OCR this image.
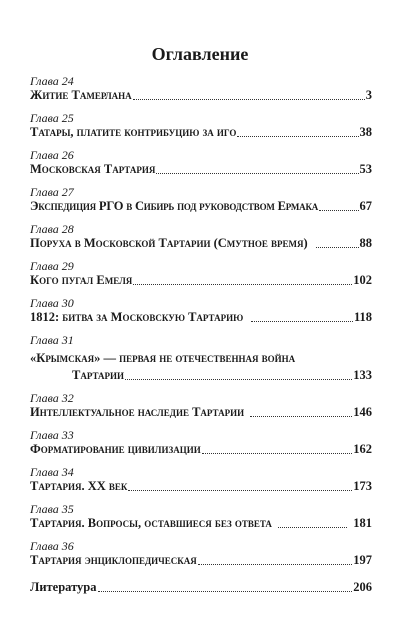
Оглавление
Глава 24
Житие Тамерлана	3
Глава 25
Татары, платите контрибуцию за иго	38
Глава 26
Московская Тартария	53
Глава 27
Экспедиция РГО в Сибирь под руководством Ермака	67
Глава 28
Поруха в Московской Тартарии (Смутное время)	88
Глава 29
Кого пугал Емеля	102
Глава 30
1812: битва за Московскую Тартарию	118
Глава 31
«Крымская» — первая не отечественная война
Тартарии	133
Глава 32
Интеллектуальное наследие Тартарии	146
Глава 33
Форматирование цивилизации	162
Глава 34
Тартария. XX век	173
Глава 35
Тартария. Вопросы, оставшиеся без ответа	181
Глава 36
Тартария энциклопедическая	197
Литература	206
